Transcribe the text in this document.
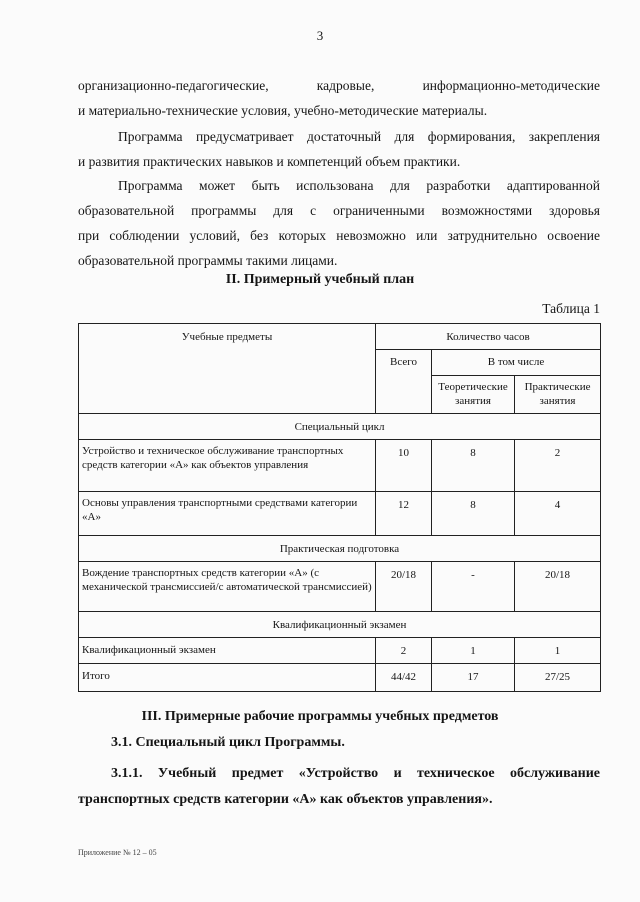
3
организационно-педагогические, кадровые, информационно-методические
и материально-технические условия, учебно-методические материалы.
Программа предусматривает достаточный для формирования, закрепления
и развития практических навыков и компетенций объем практики.
Программа может быть использована для разработки адаптированной
образовательной программы для с ограниченными возможностями здоровья
при соблюдении условий, без которых невозможно или затруднительно освоение
образовательной программы такими лицами.
II. Примерный учебный план
Таблица 1
Учебные предметы	Количество часов		
	Всего	В том числе	
		Теоретические занятия	Практические занятия
Специальный цикл			
Устройство и техническое обслуживание транспортных средств категории «А» как объектов управления	10	8	2
Основы управления транспортными средствами категории «А»	12	8	4
Практическая подготовка			
Вождение транспортных средств категории «А» (с механической трансмиссией/с автоматической трансмиссией)	20/18	-	20/18
Квалификационный экзамен			
Квалификационный экзамен	2	1	1
Итого	44/42	17	27/25
III. Примерные рабочие программы учебных предметов
3.1. Специальный цикл Программы.
3.1.1. Учебный предмет «Устройство и техническое обслуживание
транспортных средств категории «А» как объектов управления».
Приложение № 12 – 05
